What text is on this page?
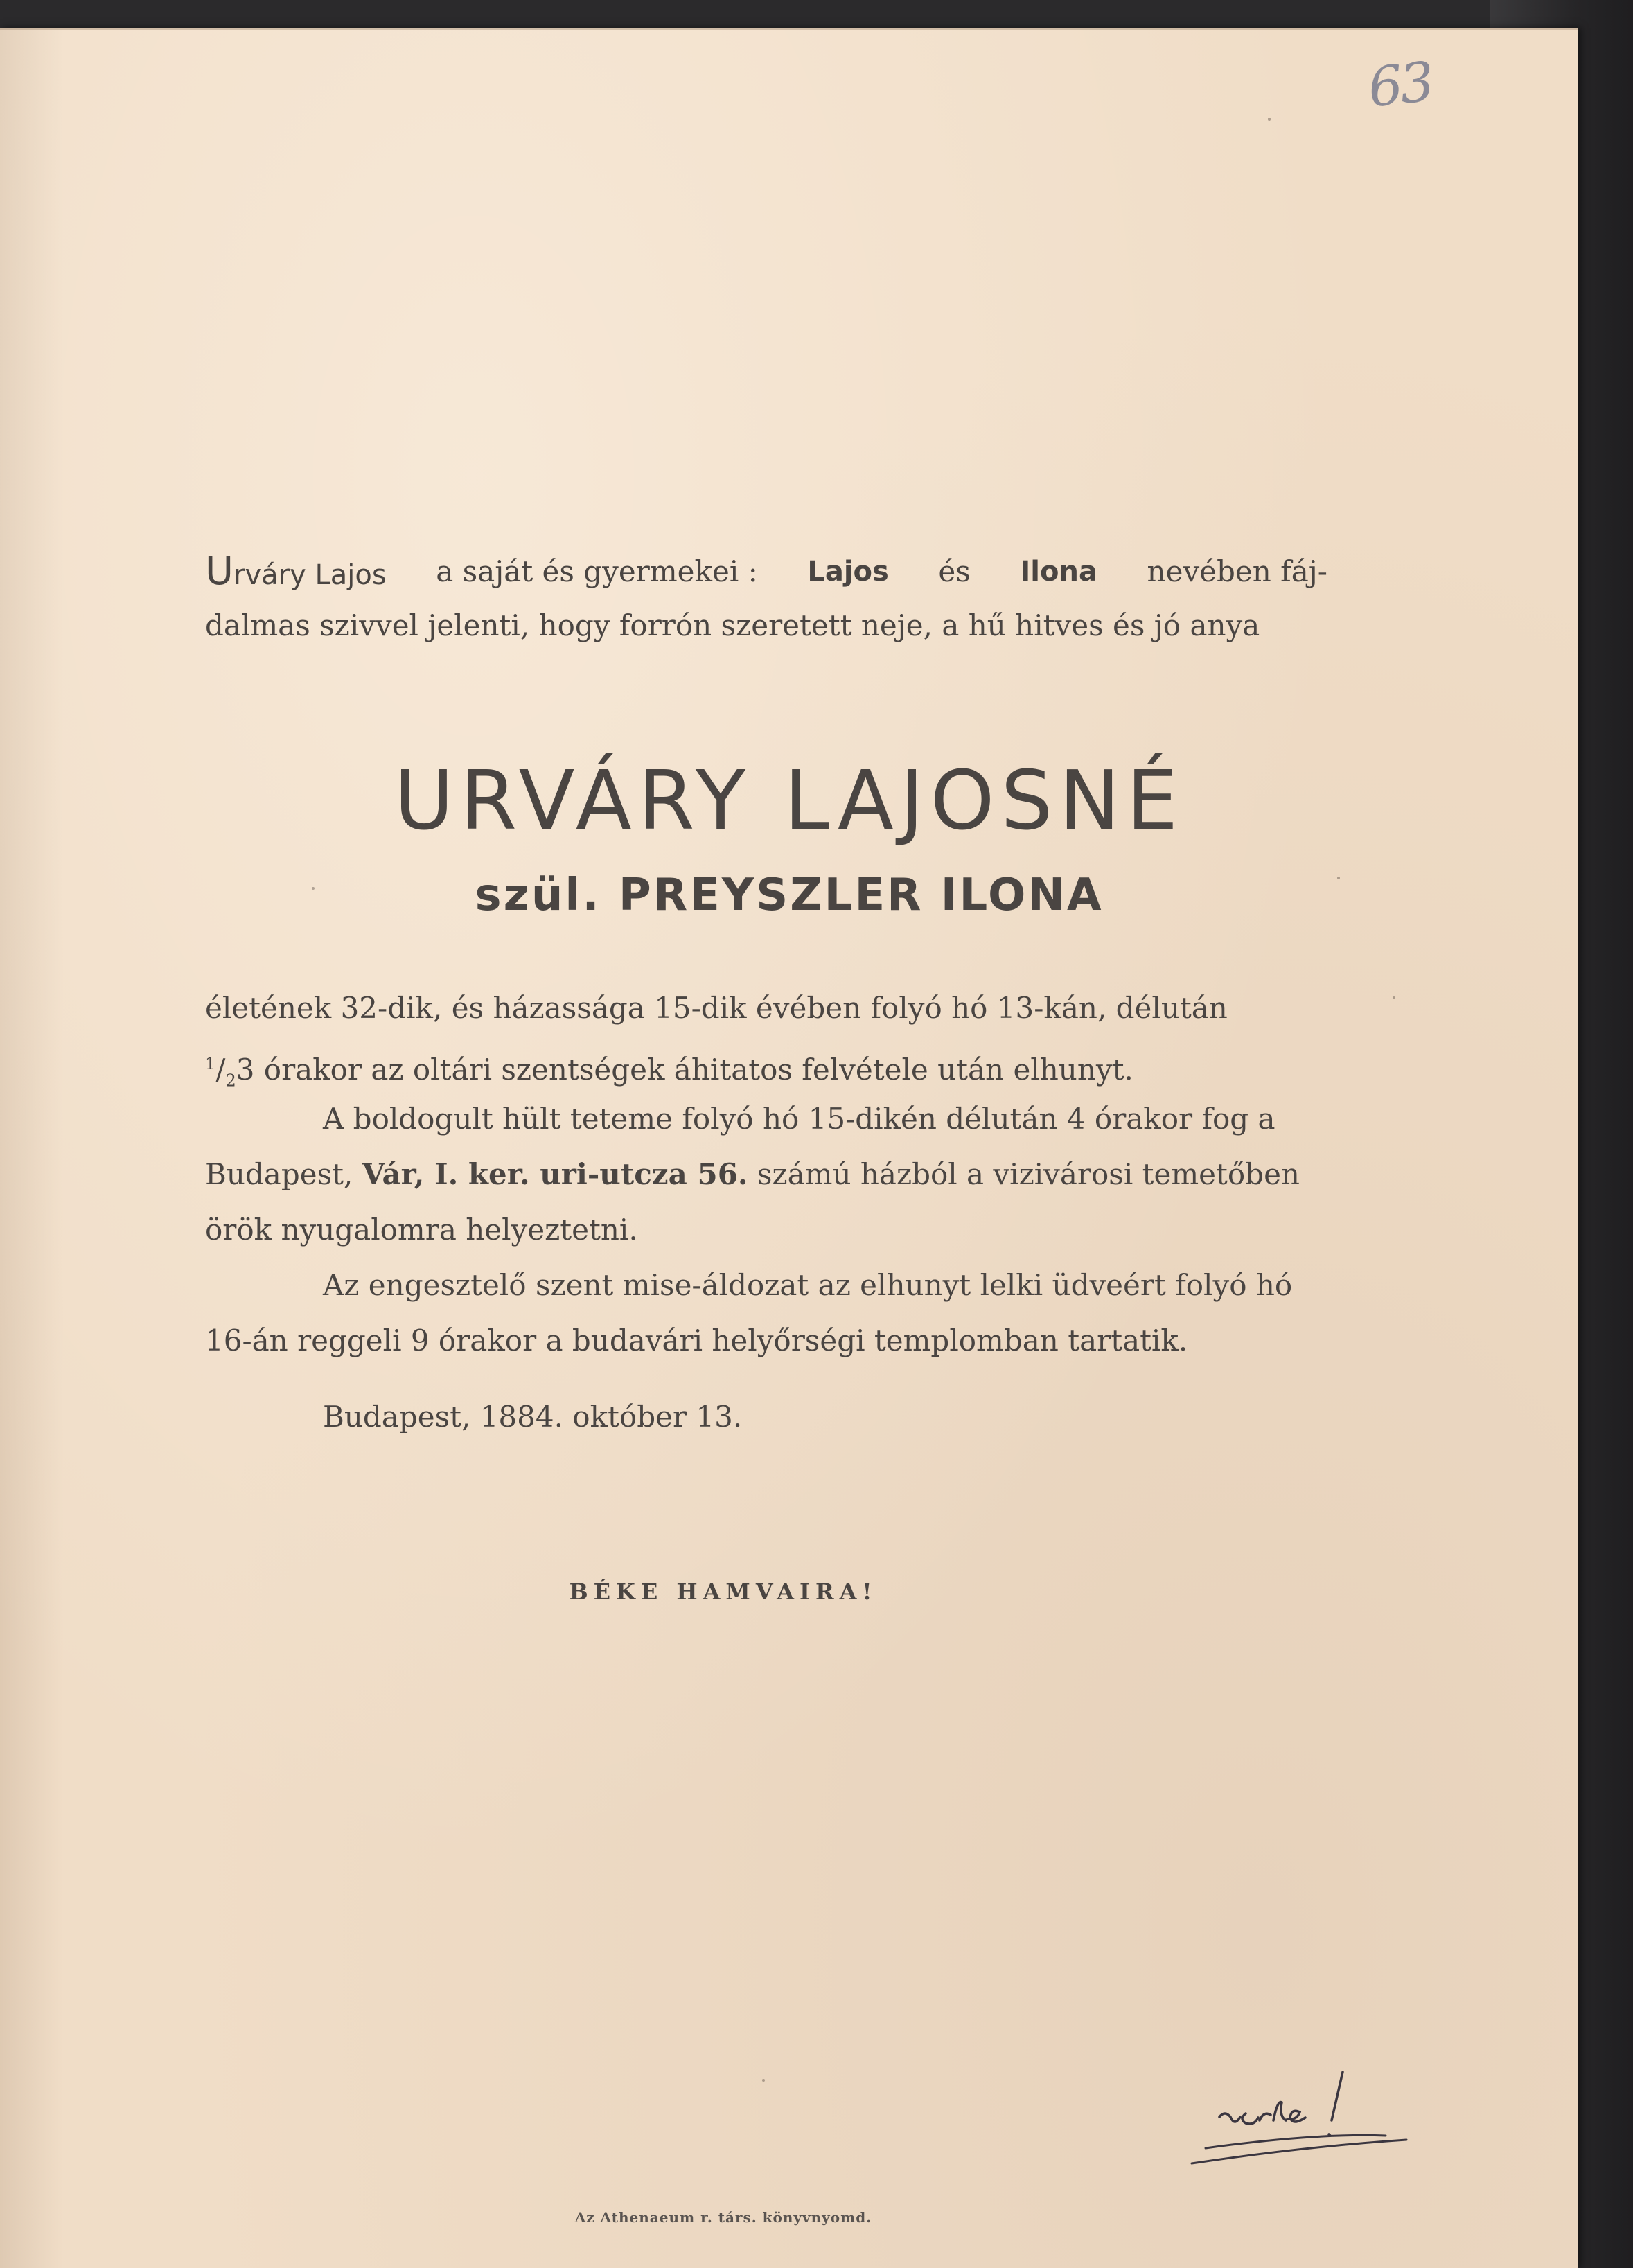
63
Urváry Lajos a saját és gyermekei : Lajos és Ilona nevében fáj-
dalmas szivvel jelenti, hogy forrón szeretett neje, a hű hitves és jó anya
URVÁRY LAJOSNÉ
szül. PREYSZLER ILONA
életének 32-dik, és házassága 15-dik évében folyó hó 13-kán, délután
$^1/_23$ órakor az oltári szentségek áhitatos felvétele után elhunyt.
A boldogult hült teteme folyó hó 15-dikén délután 4 órakor fog a
Budapest, Vár, I. ker. uri-utcza 56. számú házból a vizivárosi temetőben
örök nyugalomra helyeztetni.
Az engesztelő szent mise-áldozat az elhunyt lelki üdveért folyó hó
16-án reggeli 9 órakor a budavári helyőrségi templomban tartatik.
Budapest, 1884. október 13.
BÉKE HAMVAIRA!
Az Athenaeum r. társ. könyvnyomd.
